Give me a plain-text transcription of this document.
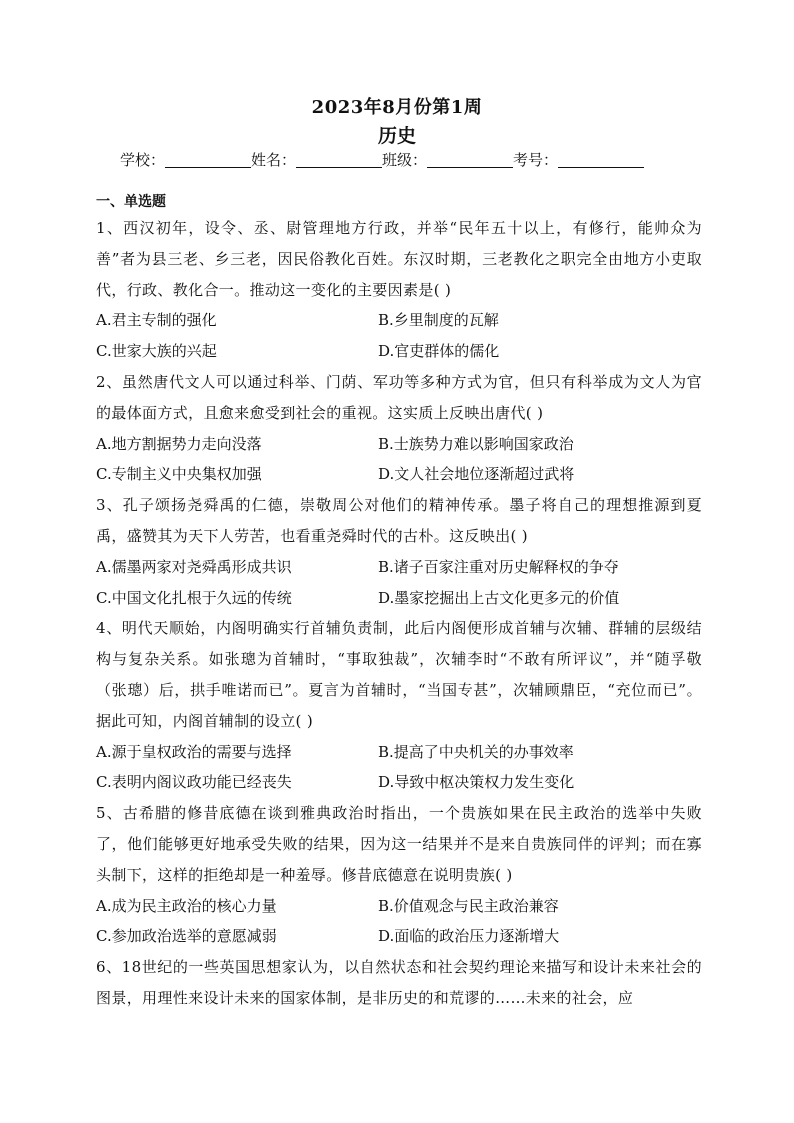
2023年8月份第1周
历史
学校：	姓名：	班级：	考号：
一、单选题

1、西汉初年，设令、丞、尉管理地方行政，并举“民年五十以上，有修行，能帅众为善”者为县三老、乡三老，因民俗教化百姓。东汉时期，三老教化之职完全由地方小吏取代，行政、教化合一。推动这一变化的主要因素是( )

A.君主专制的强化	B.乡里制度的瓦解
C.世家大族的兴起	D.官吏群体的儒化

2、虽然唐代文人可以通过科举、门荫、军功等多种方式为官，但只有科举成为文人为官的最体面方式，且愈来愈受到社会的重视。这实质上反映出唐代( )

A.地方割据势力走向没落	B.士族势力难以影响国家政治
C.专制主义中央集权加强	D.文人社会地位逐渐超过武将

3、孔子颂扬尧舜禹的仁德，崇敬周公对他们的精神传承。墨子将自己的理想推源到夏禹，盛赞其为天下人劳苦，也看重尧舜时代的古朴。这反映出( )

A.儒墨两家对尧舜禹形成共识	B.诸子百家注重对历史解释权的争夺
C.中国文化扎根于久远的传统	D.墨家挖掘出上古文化更多元的价值

4、明代天顺始，内阁明确实行首辅负责制，此后内阁便形成首辅与次辅、群辅的层级结构与复杂关系。如张璁为首辅时，“事取独裁”，次辅李时“不敢有所评议”，并“随孚敬（张璁）后，拱手唯诺而已”。夏言为首辅时，“当国专甚”，次辅顾鼎臣，“充位而已”。据此可知，内阁首辅制的设立( )

A.源于皇权政治的需要与选择	B.提高了中央机关的办事效率
C.表明内阁议政功能已经丧失	D.导致中枢决策权力发生变化

5、古希腊的修昔底德在谈到雅典政治时指出，一个贵族如果在民主政治的选举中失败了，他们能够更好地承受失败的结果，因为这一结果并不是来自贵族同伴的评判；而在寡头制下，这样的拒绝却是一种羞辱。修昔底德意在说明贵族( )

A.成为民主政治的核心力量	B.价值观念与民主政治兼容
C.参加政治选举的意愿减弱	D.面临的政治压力逐渐增大

6、18世纪的一些英国思想家认为，以自然状态和社会契约理论来描写和设计未来社会的图景，用理性来设计未来的国家体制，是非历史的和荒谬的……未来的社会，应
